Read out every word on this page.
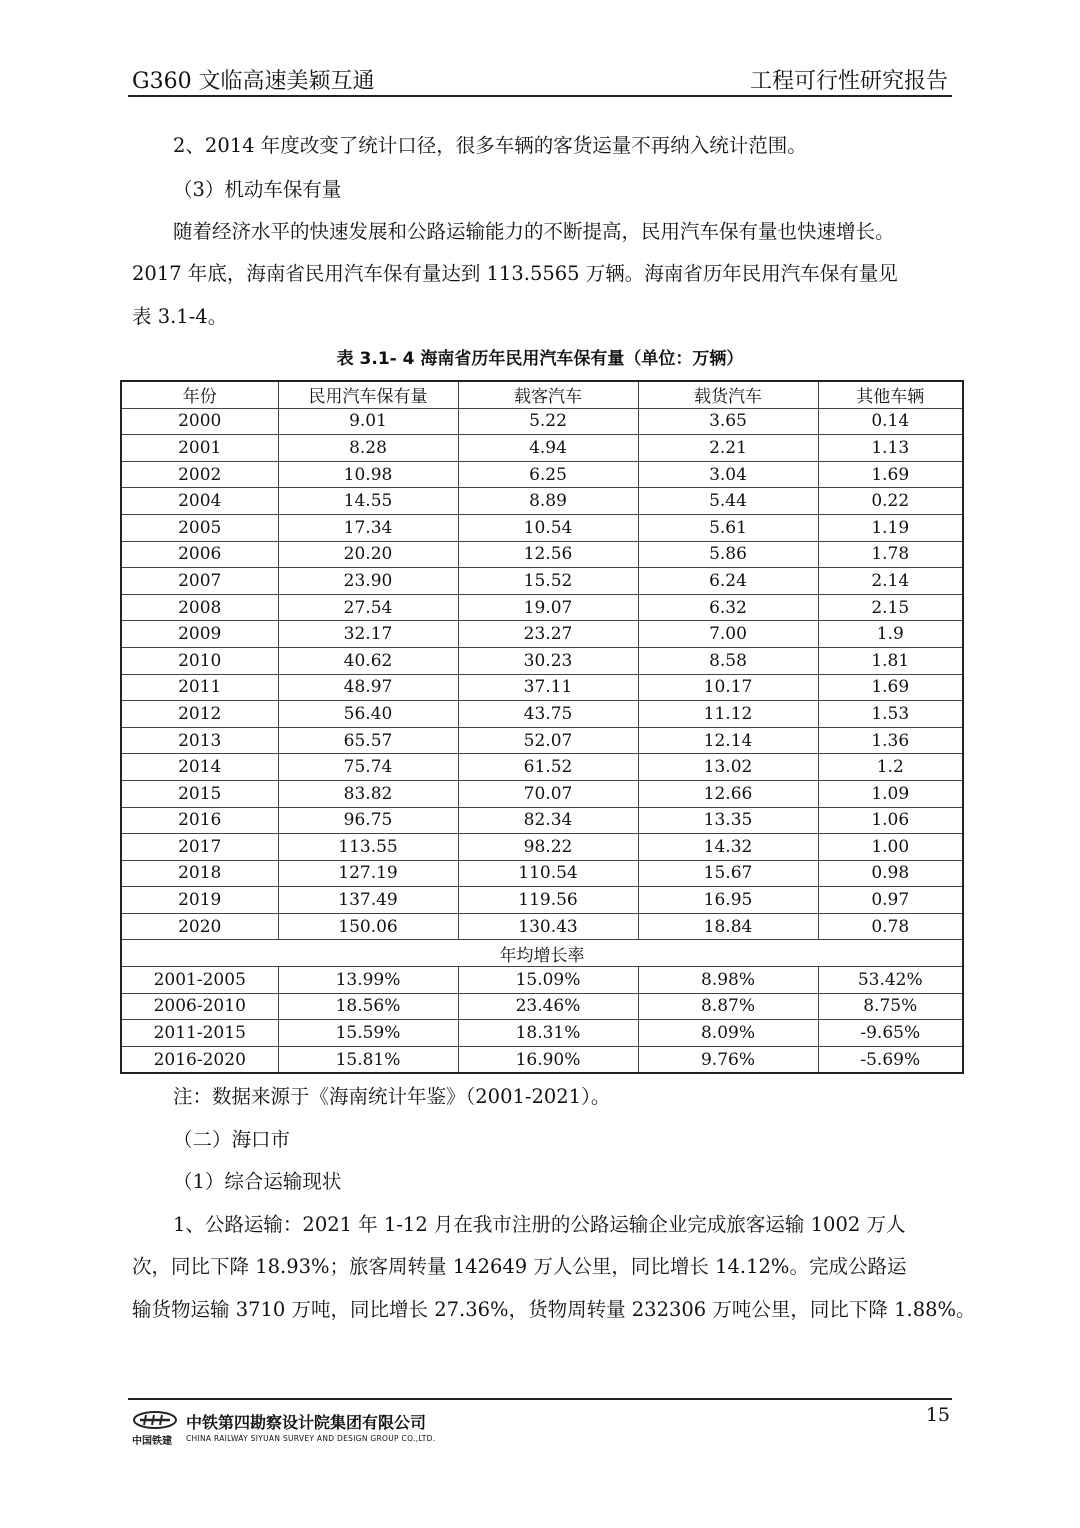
G360 文临高速美颖互通	工程可行性研究报告
2、2014 年度改变了统计口径，很多车辆的客货运量不再纳入统计范围。
（3）机动车保有量
随着经济水平的快速发展和公路运输能力的不断提高，民用汽车保有量也快速增长。
2017 年底，海南省民用汽车保有量达到 113.5565 万辆。海南省历年民用汽车保有量见
表 3.1-4。
表 3.1- 4 海南省历年民用汽车保有量（单位：万辆）
年份	民用汽车保有量	载客汽车	载货汽车	其他车辆
2000	9.01	5.22	3.65	0.14
2001	8.28	4.94	2.21	1.13
2002	10.98	6.25	3.04	1.69
2004	14.55	8.89	5.44	0.22
2005	17.34	10.54	5.61	1.19
2006	20.20	12.56	5.86	1.78
2007	23.90	15.52	6.24	2.14
2008	27.54	19.07	6.32	2.15
2009	32.17	23.27	7.00	1.9
2010	40.62	30.23	8.58	1.81
2011	48.97	37.11	10.17	1.69
2012	56.40	43.75	11.12	1.53
2013	65.57	52.07	12.14	1.36
2014	75.74	61.52	13.02	1.2
2015	83.82	70.07	12.66	1.09
2016	96.75	82.34	13.35	1.06
2017	113.55	98.22	14.32	1.00
2018	127.19	110.54	15.67	0.98
2019	137.49	119.56	16.95	0.97
2020	150.06	130.43	18.84	0.78
年均增长率				
2001-2005	13.99%	15.09%	8.98%	53.42%
2006-2010	18.56%	23.46%	8.87%	8.75%
2011-2015	15.59%	18.31%	8.09%	-9.65%
2016-2020	15.81%	16.90%	9.76%	-5.69%
注：数据来源于《海南统计年鉴》（2001-2021）。
（二）海口市
（1）综合运输现状
1、公路运输：2021 年 1-12 月在我市注册的公路运输企业完成旅客运输 1002 万人
次，同比下降 18.93%；旅客周转量 142649 万人公里，同比增长 14.12%。完成公路运
输货物运输 3710 万吨，同比增长 27.36%，货物周转量 232306 万吨公里，同比下降 1.88%。
中国铁建
中铁第四勘察设计院集团有限公司
CHINA RAILWAY SIYUAN SURVEY AND DESIGN GROUP CO.,LTD.
15
